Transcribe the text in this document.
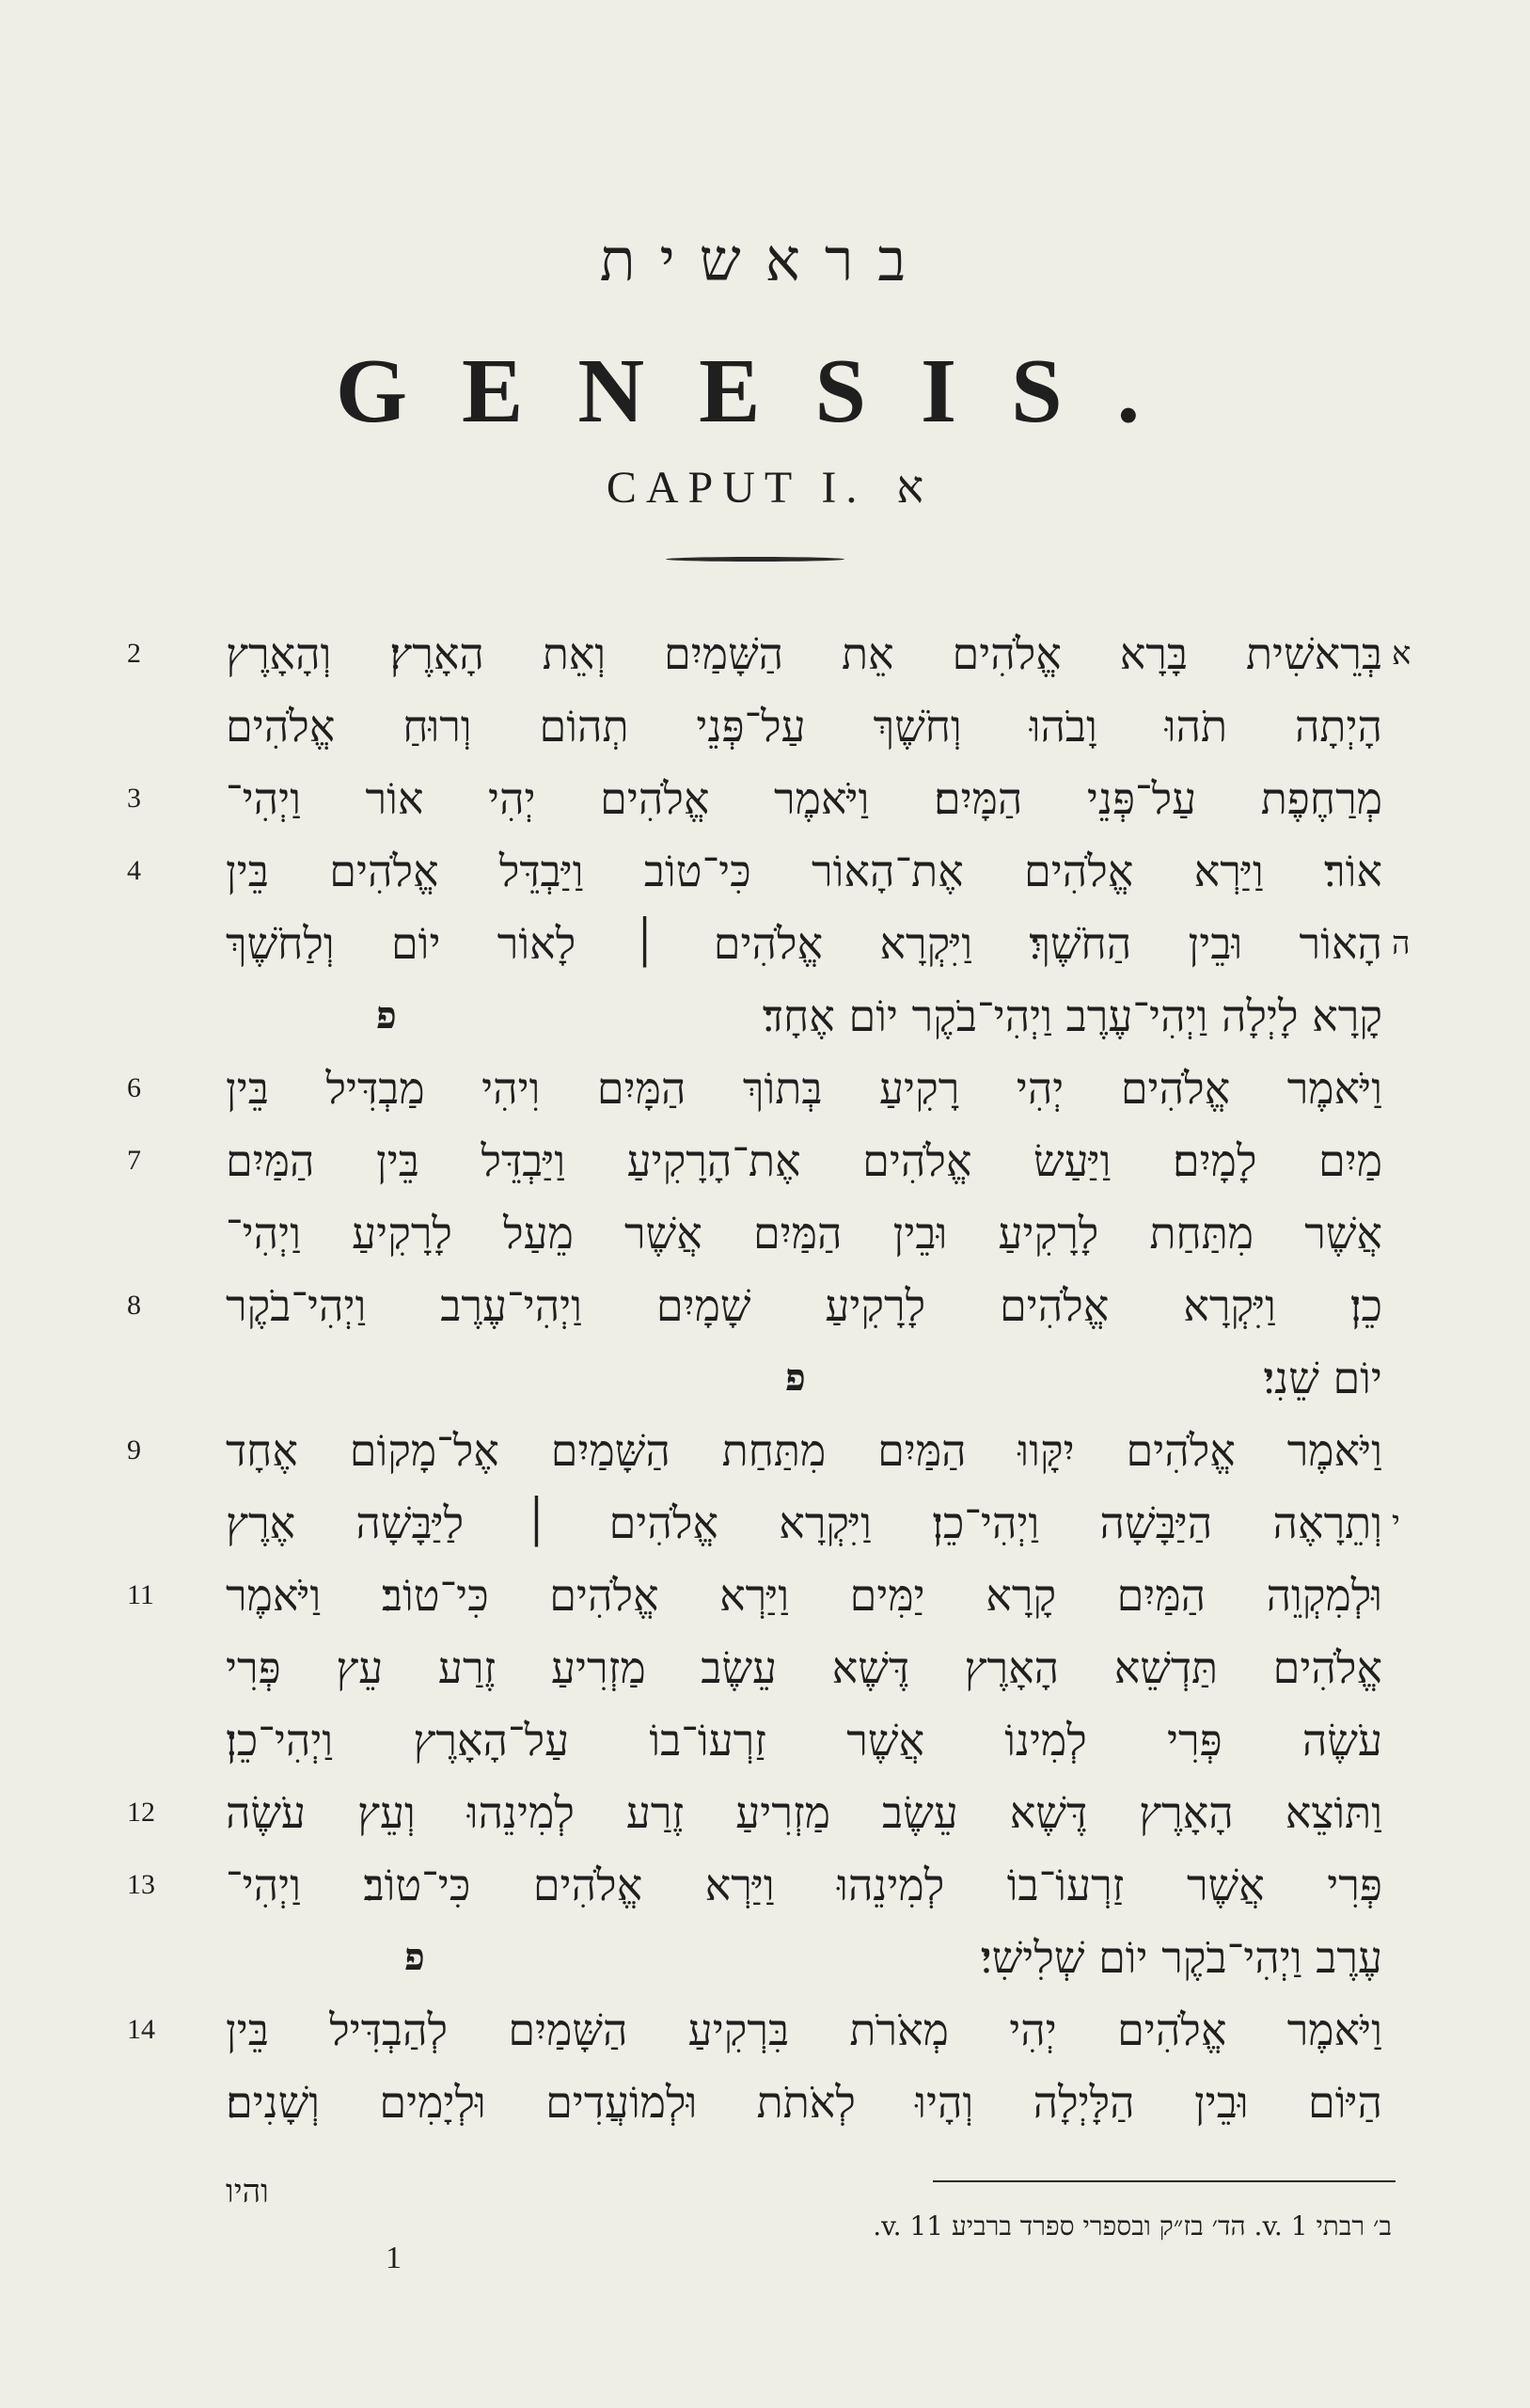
בראשית
GENESIS.
CAPUT I. א
בְּרֵאשִׁית בָּרָא אֱלֹהִים אֵת הַשָּׁמַיִם וְאֵת הָאָרֶץ׃ וְהָאָרֶץ
2	א
הָיְתָה תֹהוּ וָבֹהוּ וְחֹשֶׁךְ עַל־פְּנֵי תְהוֹם וְרוּחַ אֱלֹהִים
מְרַחֶפֶת עַל־פְּנֵי הַמָּיִם׃ וַיֹּאמֶר אֱלֹהִים יְהִי אוֹר וַיְהִי־
3
אוֹר׃ וַיַּרְא אֱלֹהִים אֶת־הָאוֹר כִּי־טוֹב וַיַּבְדֵּל אֱלֹהִים בֵּין
4
הָאוֹר וּבֵין הַחֹשֶׁךְ׃ וַיִּקְרָא אֱלֹהִים ׀ לָאוֹר יוֹם וְלַחֹשֶׁךְ ה
קָרָא לָיְלָה וַיְהִי־עֶרֶב וַיְהִי־בֹקֶר יוֹם אֶחָד׃
פ
וַיֹּאמֶר אֱלֹהִים יְהִי רָקִיעַ בְּתוֹךְ הַמָּיִם וִיהִי מַבְדִּיל בֵּין
6
מַיִם לָמָיִם׃ וַיַּעַשׂ אֱלֹהִים אֶת־הָרָקִיעַ וַיַּבְדֵּל בֵּין הַמַּיִם
7
אֲשֶׁר מִתַּחַת לָרָקִיעַ וּבֵין הַמַּיִם אֲשֶׁר מֵעַל לָרָקִיעַ וַיְהִי־
כֵן׃ וַיִּקְרָא אֱלֹהִים לָרָקִיעַ שָׁמָיִם וַיְהִי־עֶרֶב וַיְהִי־בֹקֶר
8
יוֹם שֵׁנִי׃
פ
וַיֹּאמֶר אֱלֹהִים יִקָּווּ הַמַּיִם מִתַּחַת הַשָּׁמַיִם אֶל־מָקוֹם אֶחָד
9
וְתֵרָאֶה הַיַּבָּשָׁה וַיְהִי־כֵן׃ וַיִּקְרָא אֱלֹהִים ׀ לַיַּבָּשָׁה אֶרֶץ י
וּלְמִקְוֵה הַמַּיִם קָרָא יַמִּים וַיַּרְא אֱלֹהִים כִּי־טוֹב׃ וַיֹּאמֶר
11
אֱלֹהִים תַּדְשֵׁא הָאָרֶץ דֶּשֶׁא עֵשֶׂב מַזְרִיעַ זֶרַע עֵץ פְּרִי
עֹשֶׂה פְּרִי לְמִינוֹ אֲשֶׁר זַרְעוֹ־בוֹ עַל־הָאָרֶץ וַיְהִי־כֵן׃
וַתּוֹצֵא הָאָרֶץ דֶּשֶׁא עֵשֶׂב מַזְרִיעַ זֶרַע לְמִינֵהוּ וְעֵץ עֹשֶׂה
12
פְּרִי אֲשֶׁר זַרְעוֹ־בוֹ לְמִינֵהוּ וַיַּרְא אֱלֹהִים כִּי־טוֹב׃ וַיְהִי־
13
עֶרֶב וַיְהִי־בֹקֶר יוֹם שְׁלִישִׁי׃
פ
וַיֹּאמֶר אֱלֹהִים יְהִי מְאֹרֹת בִּרְקִיעַ הַשָּׁמַיִם לְהַבְדִּיל בֵּין
14
הַיּוֹם וּבֵין הַלָּיְלָה וְהָיוּ לְאֹתֹת וּלְמוֹעֲדִים וּלְיָמִים וְשָׁנִים׃
והיו
ב׳ רבתי v. 1. הד׳ בז״ק ובספרי ספרד ברביע v. 11.
1
